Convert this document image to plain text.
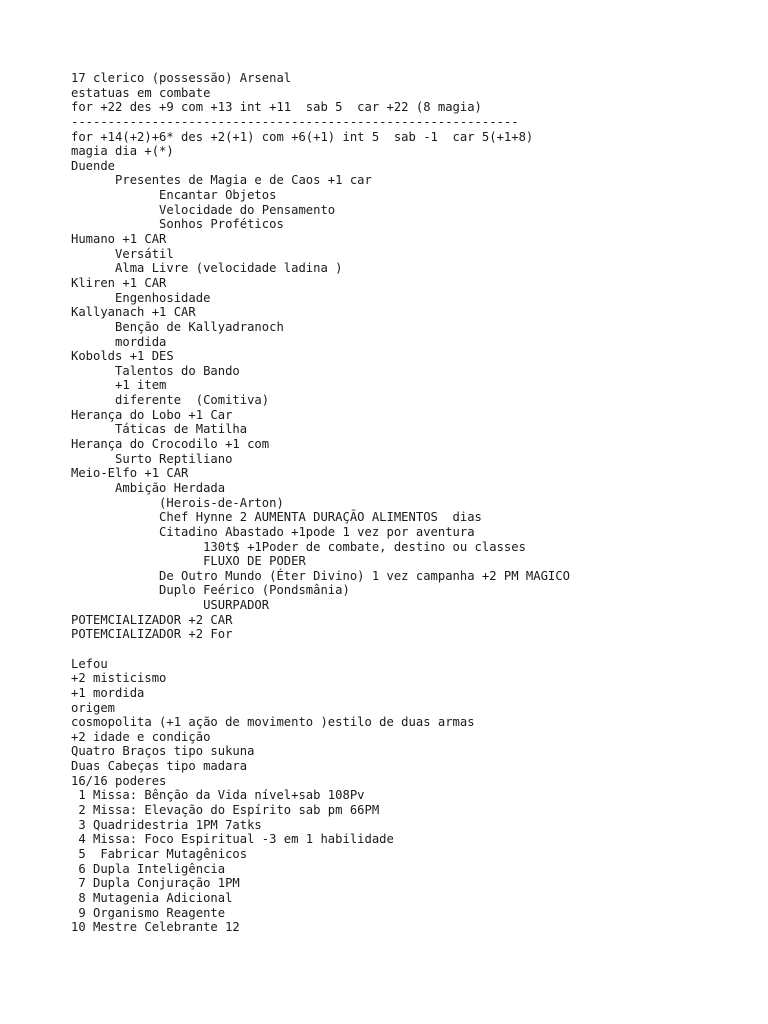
17 clerico (possessão) Arsenal
estatuas em combate
for +22 des +9 com +13 int +11  sab 5  car +22 (8 magia)
-------------------------------------------------------------
for +14(+2)+6* des +2(+1) com +6(+1) int 5  sab -1  car 5(+1+8)
magia dia +(*)
Duende
Presentes de Magia e de Caos +1 car
Encantar Objetos
Velocidade do Pensamento
Sonhos Proféticos
Humano +1 CAR
Versátil
Alma Livre (velocidade ladina )
Kliren +1 CAR
Engenhosidade
Kallyanach +1 CAR
Benção de Kallyadranoch
mordida
Kobolds +1 DES
Talentos do Bando
+1 item
diferente  (Comitiva)
Herança do Lobo +1 Car
Táticas de Matilha
Herança do Crocodilo +1 com
Surto Reptiliano
Meio-Elfo +1 CAR
Ambição Herdada
(Herois-de-Arton)
Chef Hynne 2 AUMENTA DURAÇÃO ALIMENTOS  dias
Citadino Abastado +1pode 1 vez por aventura
130t$ +1Poder de combate, destino ou classes
FLUXO DE PODER
De Outro Mundo (Éter Divino) 1 vez campanha +2 PM MAGICO
Duplo Feérico (Pondsmânia)
USURPADOR
POTEMCIALIZADOR +2 CAR
POTEMCIALIZADOR +2 For
Lefou
+2 misticismo
+1 mordida
origem
cosmopolita (+1 ação de movimento )estilo de duas armas
+2 idade e condição
Quatro Braços tipo sukuna
Duas Cabeças tipo madara
16/16 poderes
1 Missa: Bênção da Vida nível+sab 108Pv
2 Missa: Elevação do Espírito sab pm 66PM
3 Quadridestria 1PM 7atks
4 Missa: Foco Espiritual -3 em 1 habilidade
5  Fabricar Mutagênicos
6 Dupla Inteligência
7 Dupla Conjuração 1PM
8 Mutagenia Adicional
9 Organismo Reagente
10 Mestre Celebrante 12
